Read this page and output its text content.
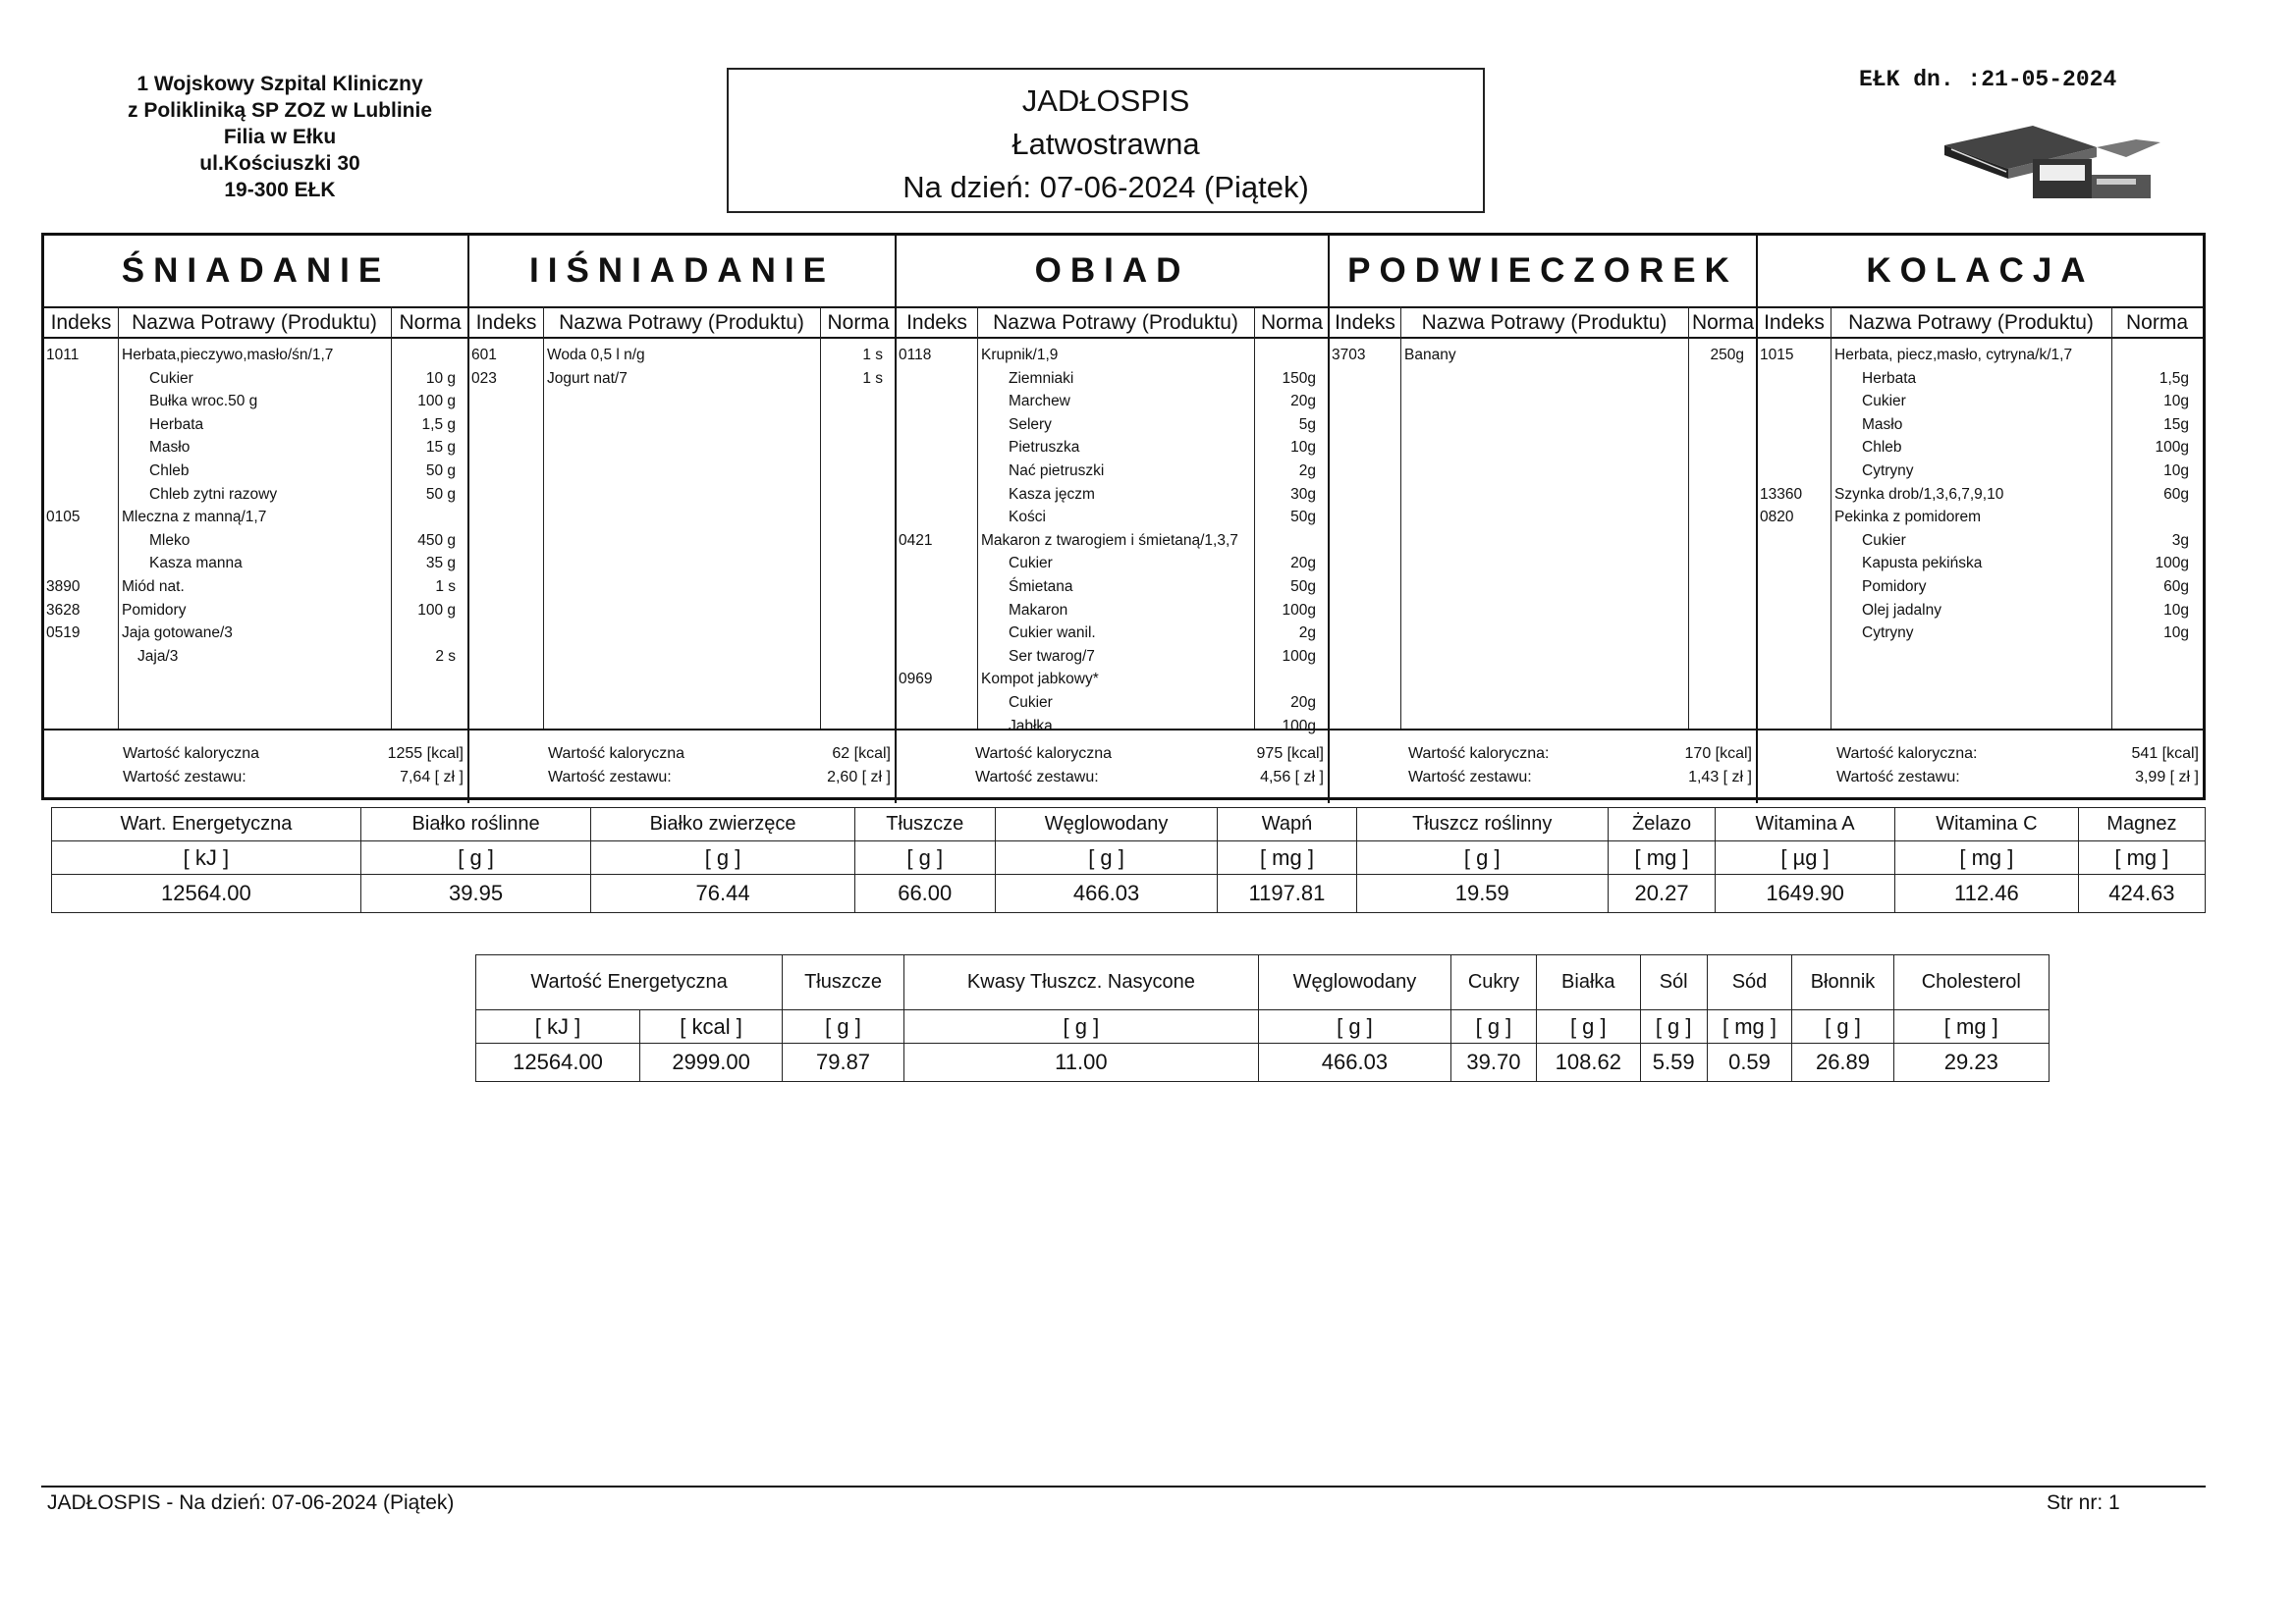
1 Wojskowy Szpital Kliniczny
z Polikliniką SP ZOZ w Lublinie
Filia w Ełku
ul.Kościuszki 30
19-300 EŁK
JADŁOSPIS
Łatwostrawna
Na dzień: 07-06-2024 (Piątek)
EŁK dn. :21-05-2024
ŚNIADANIE
Indeks Nazwa Potrawy (Produktu)	Norma
1011	Herbata,pieczywo,masło/śn/1,7
Cukier	10 g
Bułka wroc.50 g	100 g
Herbata	1,5 g
Masło	15 g
Chleb	50 g
Chleb zytni razowy	50 g
0105	Mleczna z manną/1,7
Mleko	450 g
Kasza manna	35 g
3890	Miód nat.	1 s
3628	Pomidory	100 g
0519	Jaja gotowane/3
Jaja/3	2 s
Wartość kaloryczna	1255 [kcal]
Wartość zestawu:	7,64 [ zł ]
IIŚNIADANIE
Indeks	Nazwa Potrawy (Produktu)	Norma
601	Woda 0,5 l n/g	1 s
023	Jogurt nat/7	1 s
Wartość kaloryczna	62 [kcal]
Wartość zestawu:	2,60 [ zł ]
OBIAD
Indeks	Nazwa Potrawy (Produktu)	Norma
0118	Krupnik/1,9
Ziemniaki	150g
Marchew	20g
Selery	5g
Pietruszka	10g
Nać pietruszki	2g
Kasza jęczm	30g
Kości	50g
0421	Makaron z twarogiem i śmietaną/1,3,7
Cukier	20g
Śmietana	50g
Makaron	100g
Cukier wanil.	2g
Ser twarog/7	100g
0969	Kompot jabkowy*
Cukier	20g
Jabłka	100g
Wartość kaloryczna	975 [kcal]
Wartość zestawu:	4,56 [ zł ]
PODWIECZOREK
Indeks	Nazwa Potrawy (Produktu)	Norma
3703	Banany	250g
Wartość kaloryczna:	170 [kcal]
Wartość zestawu:	1,43 [ zł ]
KOLACJA
Indeks	Nazwa Potrawy (Produktu)	Norma
1015	Herbata, piecz,masło, cytryna/k/1,7
Herbata	1,5g
Cukier	10g
Masło	15g
Chleb	100g
Cytryny	10g
13360 Szynka drob/1,3,6,7,9,10	60g
0820	Pekinka z pomidorem
Cukier	3g
Kapusta pekińska	100g
Pomidory	60g
Olej jadalny	10g
Cytryny	10g
Wartość kaloryczna:	541 [kcal]
Wartość zestawu:	3,99 [ zł ]
Wart. Energetyczna	Białko roślinne	Białko zwierzęce	Tłuszcze	Węglowodany	Wapń	Tłuszcz roślinny	Żelazo	Witamina A	Witamina C	Magnez
[ kJ ]	[ g ]	[ g ]	[ g ]	[ g ]	[ mg ]	[ g ]	[ mg ]	[ µg ]	[ mg ]	[ mg ]
12564.00	39.95	76.44	66.00	466.03	1197.81	19.59	20.27	1649.90	112.46	424.63
Wartość Energetyczna		Tłuszcze	Kwasy Tłuszcz. Nasycone	Węglowodany	Cukry	Białka	Sól	Sód	Błonnik	Cholesterol
[ kJ ]	[ kcal ]	[ g ]	[ g ]	[ g ]	[ g ]	[ g ]	[ g ]	[ mg ]	[ g ]	[ mg ]
12564.00	2999.00	79.87	11.00	466.03	39.70	108.62	5.59	0.59	26.89	29.23
JADŁOSPIS - Na dzień: 07-06-2024 (Piątek)	Str nr: 1
